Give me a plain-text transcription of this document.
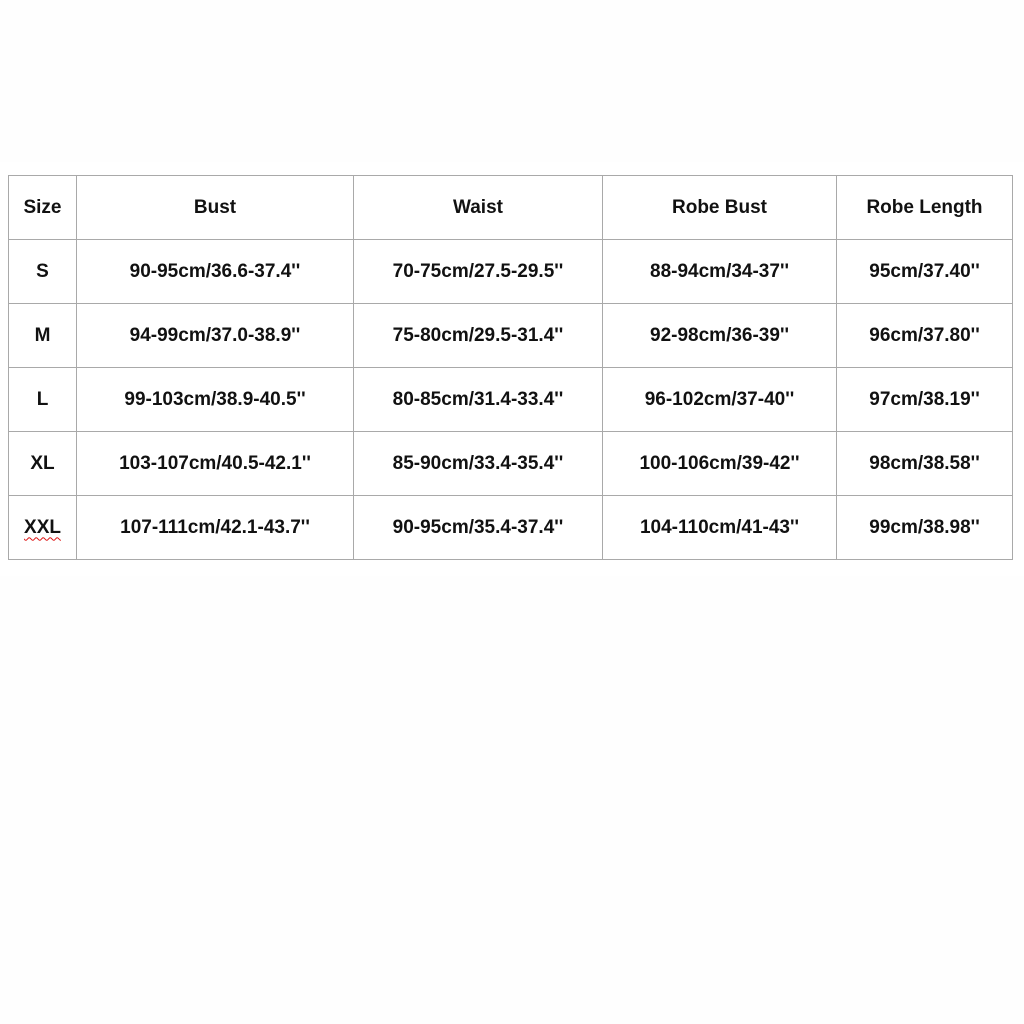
Size	Bust	Waist	Robe Bust	Robe Length
S	90-95cm/36.6-37.4''	70-75cm/27.5-29.5''	88-94cm/34-37''	95cm/37.40''
M	94-99cm/37.0-38.9''	75-80cm/29.5-31.4''	92-98cm/36-39''	96cm/37.80''
L	99-103cm/38.9-40.5''	80-85cm/31.4-33.4''	96-102cm/37-40''	97cm/38.19''
XL	103-107cm/40.5-42.1''	85-90cm/33.4-35.4''	100-106cm/39-42''	98cm/38.58''
XXL	107-111cm/42.1-43.7''	90-95cm/35.4-37.4''	104-110cm/41-43''	99cm/38.98''
